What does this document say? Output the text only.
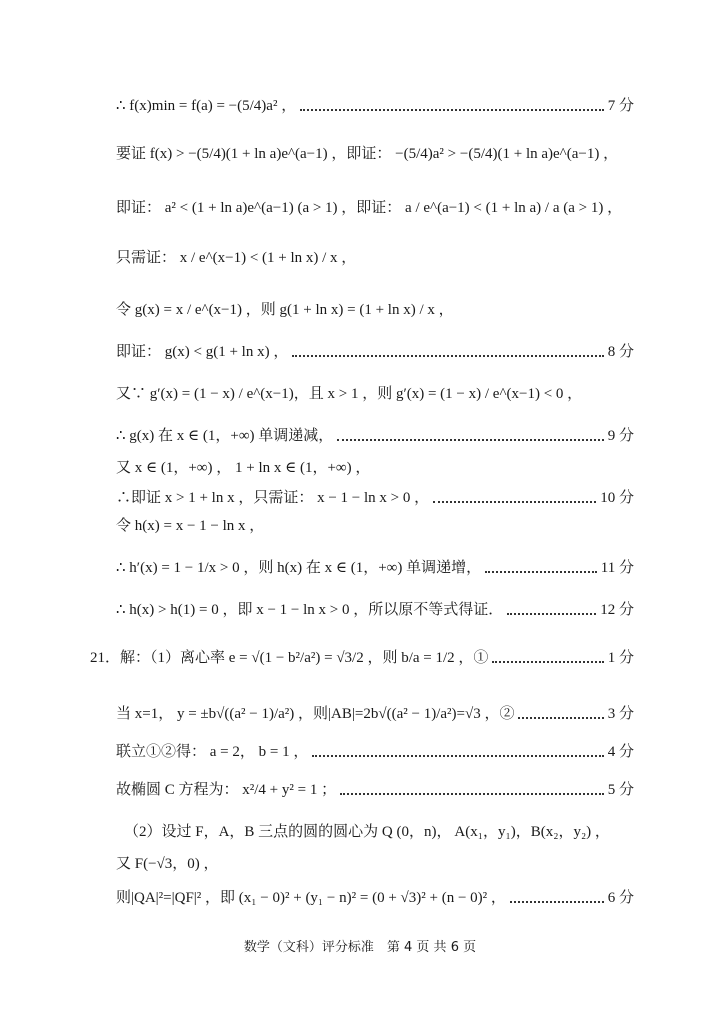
∴ f(x)min = f(a) = −(5/4)a² ，	7 分
要证 f(x) > −(5/4)(1 + ln a)e^(a−1) ，即证： −(5/4)a² > −(5/4)(1 + ln a)e^(a−1) ，
即证： a² < (1 + ln a)e^(a−1) (a > 1) ，即证： a / e^(a−1) < (1 + ln a) / a (a > 1) ，
只需证： x / e^(x−1) < (1 + ln x) / x ，
令 g(x) = x / e^(x−1) ，则 g(1 + ln x) = (1 + ln x) / x ，
即证： g(x) < g(1 + ln x) ，	8 分
又∵ g′(x) = (1 − x) / e^(x−1)，且 x > 1 ，则 g′(x) = (1 − x) / e^(x−1) < 0 ，
∴ g(x) 在 x ∈ (1，+∞) 单调递减，	9 分
又 x ∈ (1，+∞) ， 1 + ln x ∈ (1，+∞) ，
∴即证 x > 1 + ln x ，只需证： x − 1 − ln x > 0 ，	10 分
令 h(x) = x − 1 − ln x ，
∴ h′(x) = 1 − 1/x > 0 ，则 h(x) 在 x ∈ (1，+∞) 单调递增，	11 分
∴ h(x) > h(1) = 0 ，即 x − 1 − ln x > 0 ，所以原不等式得证．	12 分
21．解：（1）离心率 e = √(1 − b²/a²) = √3/2 ，则 b/a = 1/2 ，①	1 分
当 x=1， y = ±b√((a² − 1)/a²) ，则|AB|=2b√((a² − 1)/a²)=√3 ，②	3 分
联立①②得： a = 2， b = 1 ，	4 分
故椭圆 C 方程为： x²/4 + y² = 1 ；	5 分
（2）设过 F，A，B 三点的圆的圆心为 Q (0，n)， A(x₁，y₁)，B(x₂，y₂) ，
又 F(−√3，0) ，
则|QA|²=|QF|² ，即 (x₁ − 0)² + (y₁ − n)² = (0 + √3)² + (n − 0)² ，	6 分
数学（文科）评分标准　第 4 页 共 6 页
